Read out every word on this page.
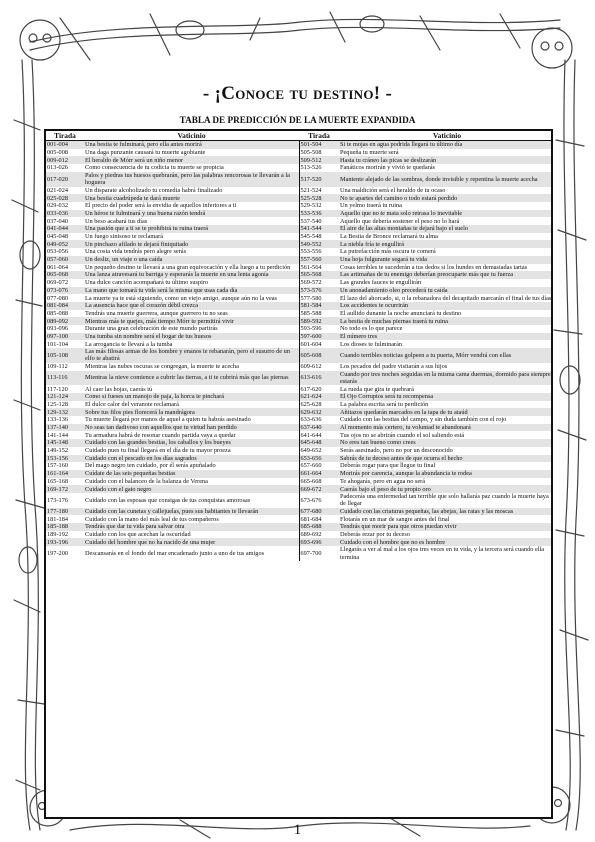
- ¡Conoce tu destino! -
TABLA DE PREDICCIÓN DE LA MUERTE EXPANDIDA
Tirada	Vaticinio	Tirada	Vaticinio
001-004	Una bestia te fulminará, pero ella antes morirá	501-504	Si te mojas en agua podrida llegará tu último día
005-008	Una daga punzante causará tu muerte agobiante	505-508	Pequeña tu muerte será
009-012	El heraldo de Mórr será un niño menor	509-512	Hasta tu cráneo las picas se deslizarán
013-026	Como consecuencia de tu codicia tu muerte se propicia	513-526	Fanáticos morirán y vivió te quedarás
017-020	Palos y piedras tus huesos quebrarán, pero las palabras rencorosas te llevarán a la hoguera	517-520	Mantente alejado de las sombras, donde invisible y repentina la muerte acecha
021-024	Un disparate alcoholizado tu comedia habrá finalizado	521-524	Una maldición será el heraldo de tu ocaso
025-028	Una bestia cuadrúpeda te dará muerte	525-528	No te apartes del camino o todo estará perdido
029-032	El precio del poder será la envidia de aquellos inferiores a ti	529-532	Un yelmo traerá tu ruina
033-036	Un héroe te fulminará y una buena razón tendrá	533-536	Aquello que no te mata solo retrasa lo inevitable
037-040	Un beso acabará tus días	537-540	Aquello que debería sostener el peso no lo hará
041-044	Una pasión que a ti se te prohibirá tu ruina traerá	541-544	El aire de las altas montañas te dejará bajo el suelo
045-048	Un fuego sinisoso te reclamará	545-548	La Bestia de Bronce reclamará tu alma
049-052	Un pinchazo afilado te dejará finiquitado	549-552	La niebla fría te engullirá
053-056	Una costa vida tendrás pero alegre serás	553-556	La putrefacción más oscura te comerá
057-060	Un desliz, un viaje o una caída	557-560	Una hoja fulgurante segará tu vida
061-064	Un pequeño destino te llevará a una gran equivocación y ella luego a tu perdición	561-564	Cosas terribles te sucederán a tus dedos si los hundes en demasiadas tartas
065-068	Una lanza atravesará tu barriga y esperarás la muerte en una lenta agonía	565-568	Las artimañas de tu enemigo deberían preocuparte más que tu fuerza
069-072	Una dulce canción acompañará tu último suspiro	569-572	Las grandes fauces te engullirán
073-076	La mano que tomará tu vida será la misma que usas cada día	573-576	Un anonadamiento oleo precederá tu caída
077-080	La muerte ya te está siguiendo, como un viejo amigo, aunque aún no la veas	577-580	El lazo del ahorcado, si, o la rebanadora del decapitado marcarán el final de tus días
081-084	La ausencia hace que el corazón débil crezca	581-584	Los accidentes te ocurrirán
085-088	Tendrás una muerte guerrera, aunque guerrero tu no seas	585-588	El aullido dunante la noche anunciará tu destino
089-092	Mientras más te quejes, más tiempo Mórr te permitirá vivir	589-592	La bestia de muchas piernas traerá tu ruina
093-096	Durante una gran celebración de este mundo partirás	593-596	No todo es lo que parece
097-100	Una tumba sin nombre será el hogar de tus huesos	597-600	El número tres
101-104	La arrogancia te llevará a la tumba	601-604	Los dioses te fulminarán
105-108	Las más filosas armas de los hombre y enanos te rebanarán, pero el susurro de un elfo te abatirá	605-608	Cuando terribles noticias golpeen a tu puerta, Mórr vendrá con ellas
109-112	Mientras las nubes oscuras se congregan, la muerte te acecha	609-612	Los pecados del padre visitarán a sus hijos
113-116	Mientras la nieve comience a cubrir las tierras, a ti te cubrirá más que las piernas	613-616	Cuando por tres noches seguidas en la misma cama duermas, dormido para siempre estarás
117-120	Al caer las hojas, caerás tú	617-620	La rueda que gira te quebrará
121-124	Como si fueses un manojo de paja, la horca te pinchará	621-624	El Ojo Corruptos será tu recompensa
125-128	El dulce calor del veranote reclamará	625-628	La palabra escrita será tu perdición
129-132	Sobre tus filos pies florecerá la mandrágora	629-632	Añitazos quedarán marcados en la tapa de tu ataúd
133-136	Tu muerte llegará por manos de aquel a quien tu habrás asesinado	633-636	Cuidado con las bestias del campo, y sin duda también con el rojo
137-140	No seas tan dadivoso con aquellos que tu virtud han perdido	637-640	Al momento más certero, tu voluntad te abandonará
141-144	Tu armadura habrá de resonar cuando partida vaya a quedar	641-644	Tus ojos no se abrirán cuando el sol saliendo está
145-148	Cuidado con las grandes bestias, los caballos y los bueyes	645-648	No eres tan bueno como crees
149-152	Cuidado pues tu final llegará en el día de tu mayor proeza	649-652	Serás asesinado, pero no por un desconocido
153-156	Cuidado con el pescado en los días sagrados	653-656	Sabrás de tu deceso antes de que ocurra el hecho
157-160	Del mago negro ten cuidado, por él serás apuñalado	657-660	Deberás rogar para que llegue tu final
161-164	Cuídate de las seis pequeñas bestias	661-664	Morirás por carencia, aunque la abundancia te rodea
165-168	Cuidado con el balanceo de la balanza de Verena	665-668	Te ahogarás, pero en agua no será
169-172	Cuidado con el gato negro	669-672	Caerás bajo el peso de tu propio oro
173-176	Cuidado con las esposas que consigas de tus conquistas amorosas	673-676	Padecerás una enfermedad tan terrible que solo hallarás paz cuando la muerte haya de llegar
177-180	Cuidado con las cunetas y callejuelas, pues sus habitantes te llevarán	677-680	Cuidado con las criaturas pequeñas, las abejas, las ratas y las moscas
181-184	Cuidado con la mano del más leal de tus compañeros	681-684	Flotarás en un mar de sangre antes del final
185-188	Tendrás que dar tu vida para salvar otra	685-688	Tendrás que morir para que otros puedan vivir
189-192	Cuidado con los que acechan la oscuridad	689-692	Deberás rezar por tu deceso
193-196	Cuidado del hombre que no ha nacido de una mujer	693-696	Cuidado con el hombre que no es hombre
197-200	Descansarás en el fondo del mar encadenado junto a uno de tus amigos	697-700	Llegarás a ver al mal a los ojos tres veces en tu vida, y la tercera será cuando ella termina
1
